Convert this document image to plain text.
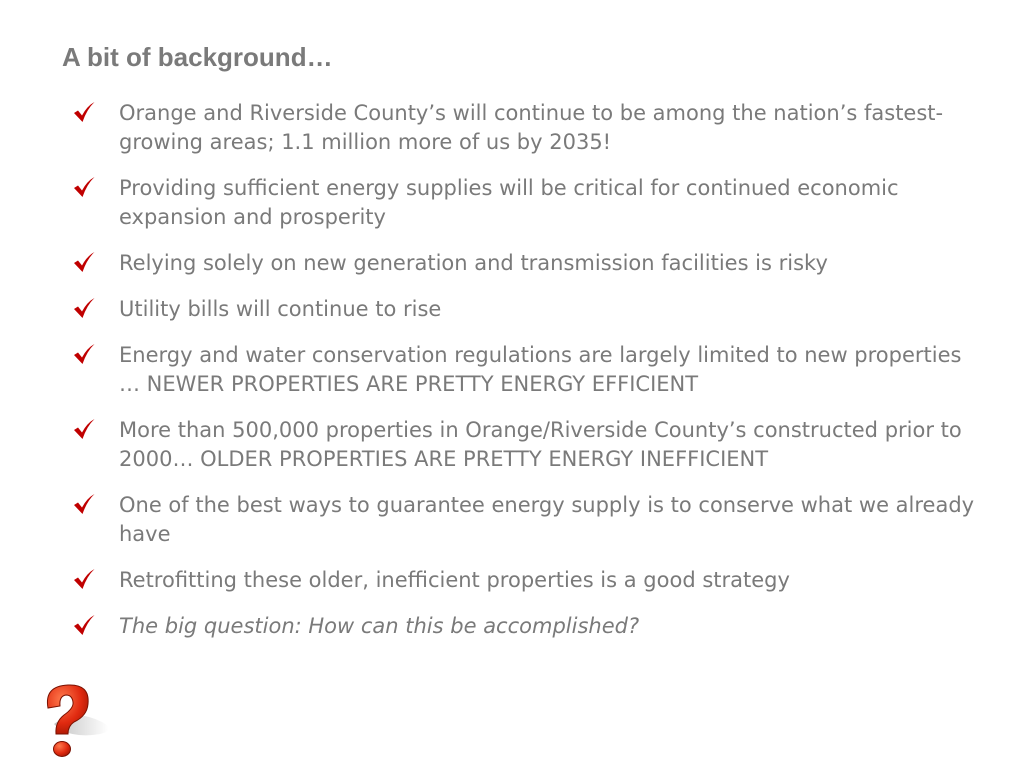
A bit of background…
Orange and Riverside County’s will continue to be among the nation’s fastest-growing areas; 1.1 million more of us by 2035!
Providing sufficient energy supplies will be critical for continued economic expansion and prosperity
Relying solely on new generation and transmission facilities is risky
Utility bills will continue to rise
Energy and water conservation regulations are largely limited to new properties … NEWER PROPERTIES ARE PRETTY ENERGY EFFICIENT
More than 500,000 properties in Orange/Riverside County’s constructed prior to 2000… OLDER PROPERTIES ARE PRETTY ENERGY INEFFICIENT
One of the best ways to guarantee energy supply is to conserve what we already have
Retrofitting these older, inefficient properties is a good strategy
The big question: How can this be accomplished?
